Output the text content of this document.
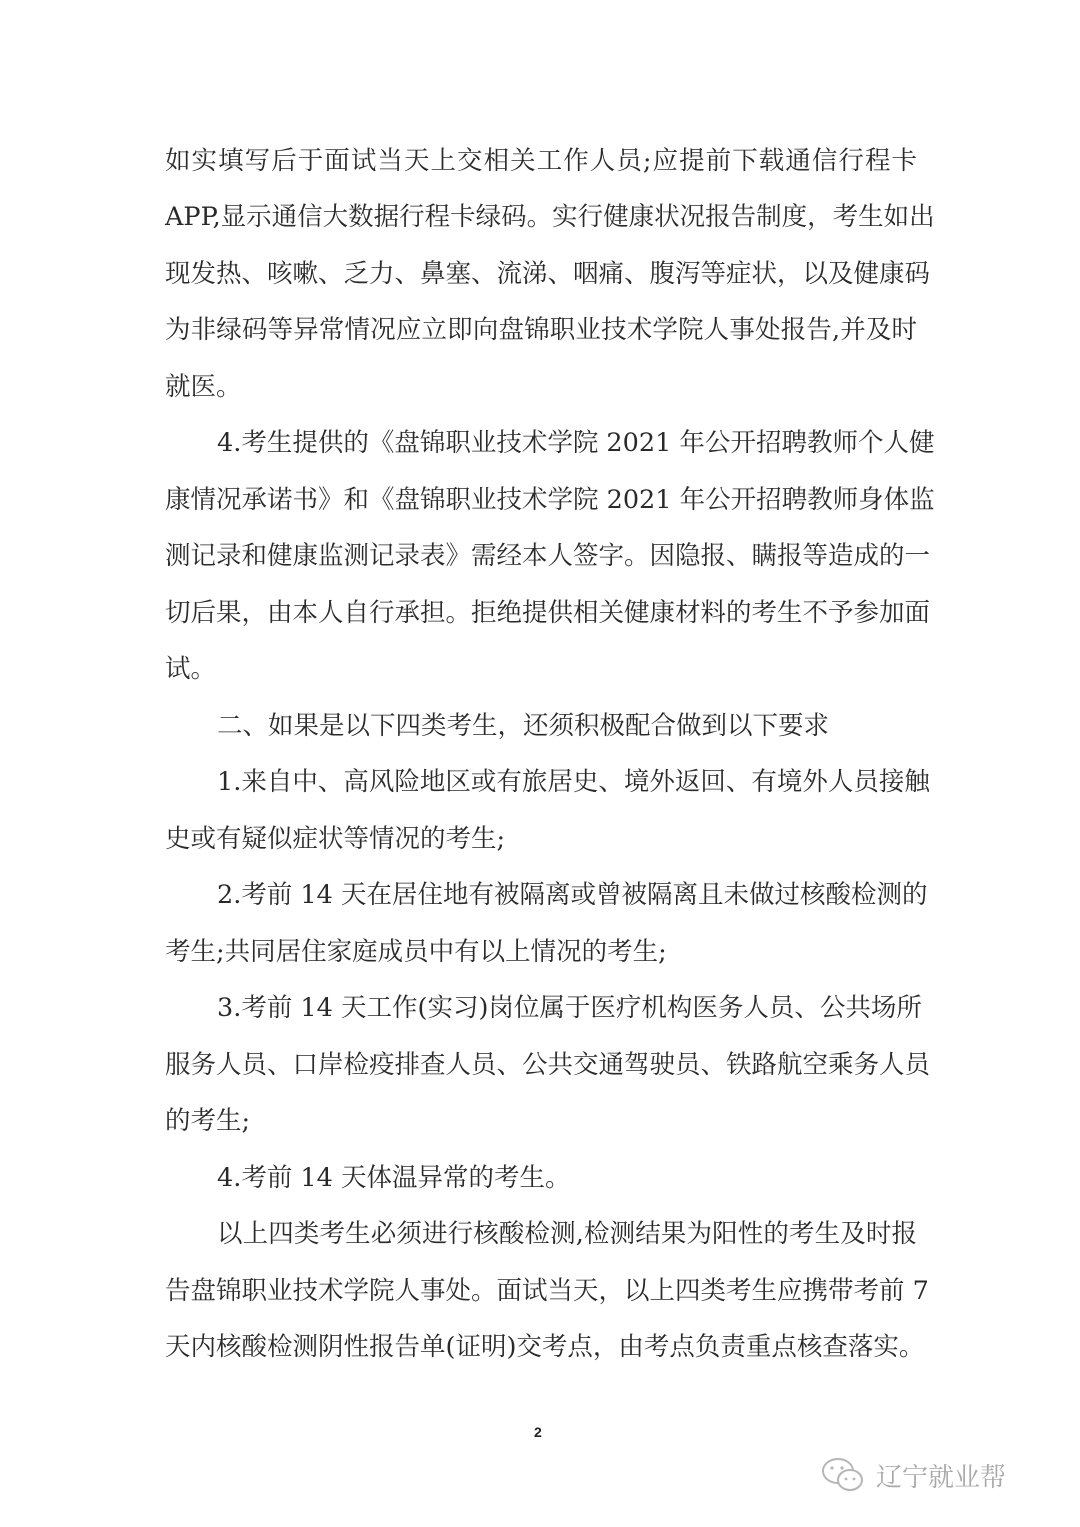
如实填写后于面试当天上交相关工作人员;应提前下载通信行程卡
APP,显示通信大数据行程卡绿码。实行健康状况报告制度，考生如出
现发热、咳嗽、乏力、鼻塞、流涕、咽痛、腹泻等症状，以及健康码
为非绿码等异常情况应立即向盘锦职业技术学院人事处报告,并及时
就医。
4.考生提供的《盘锦职业技术学院 2021 年公开招聘教师个人健
康情况承诺书》和《盘锦职业技术学院 2021 年公开招聘教师身体监
测记录和健康监测记录表》需经本人签字。因隐报、瞒报等造成的一
切后果，由本人自行承担。拒绝提供相关健康材料的考生不予参加面
试。
二、如果是以下四类考生，还须积极配合做到以下要求
1.来自中、高风险地区或有旅居史、境外返回、有境外人员接触
史或有疑似症状等情况的考生;
2.考前 14 天在居住地有被隔离或曾被隔离且未做过核酸检测的
考生;共同居住家庭成员中有以上情况的考生;
3.考前 14 天工作(实习)岗位属于医疗机构医务人员、公共场所
服务人员、口岸检疫排查人员、公共交通驾驶员、铁路航空乘务人员
的考生;
4.考前 14 天体温异常的考生。
以上四类考生必须进行核酸检测,检测结果为阳性的考生及时报
告盘锦职业技术学院人事处。面试当天，以上四类考生应携带考前 7
天内核酸检测阴性报告单(证明)交考点，由考点负责重点核查落实。
2
辽宁就业帮
